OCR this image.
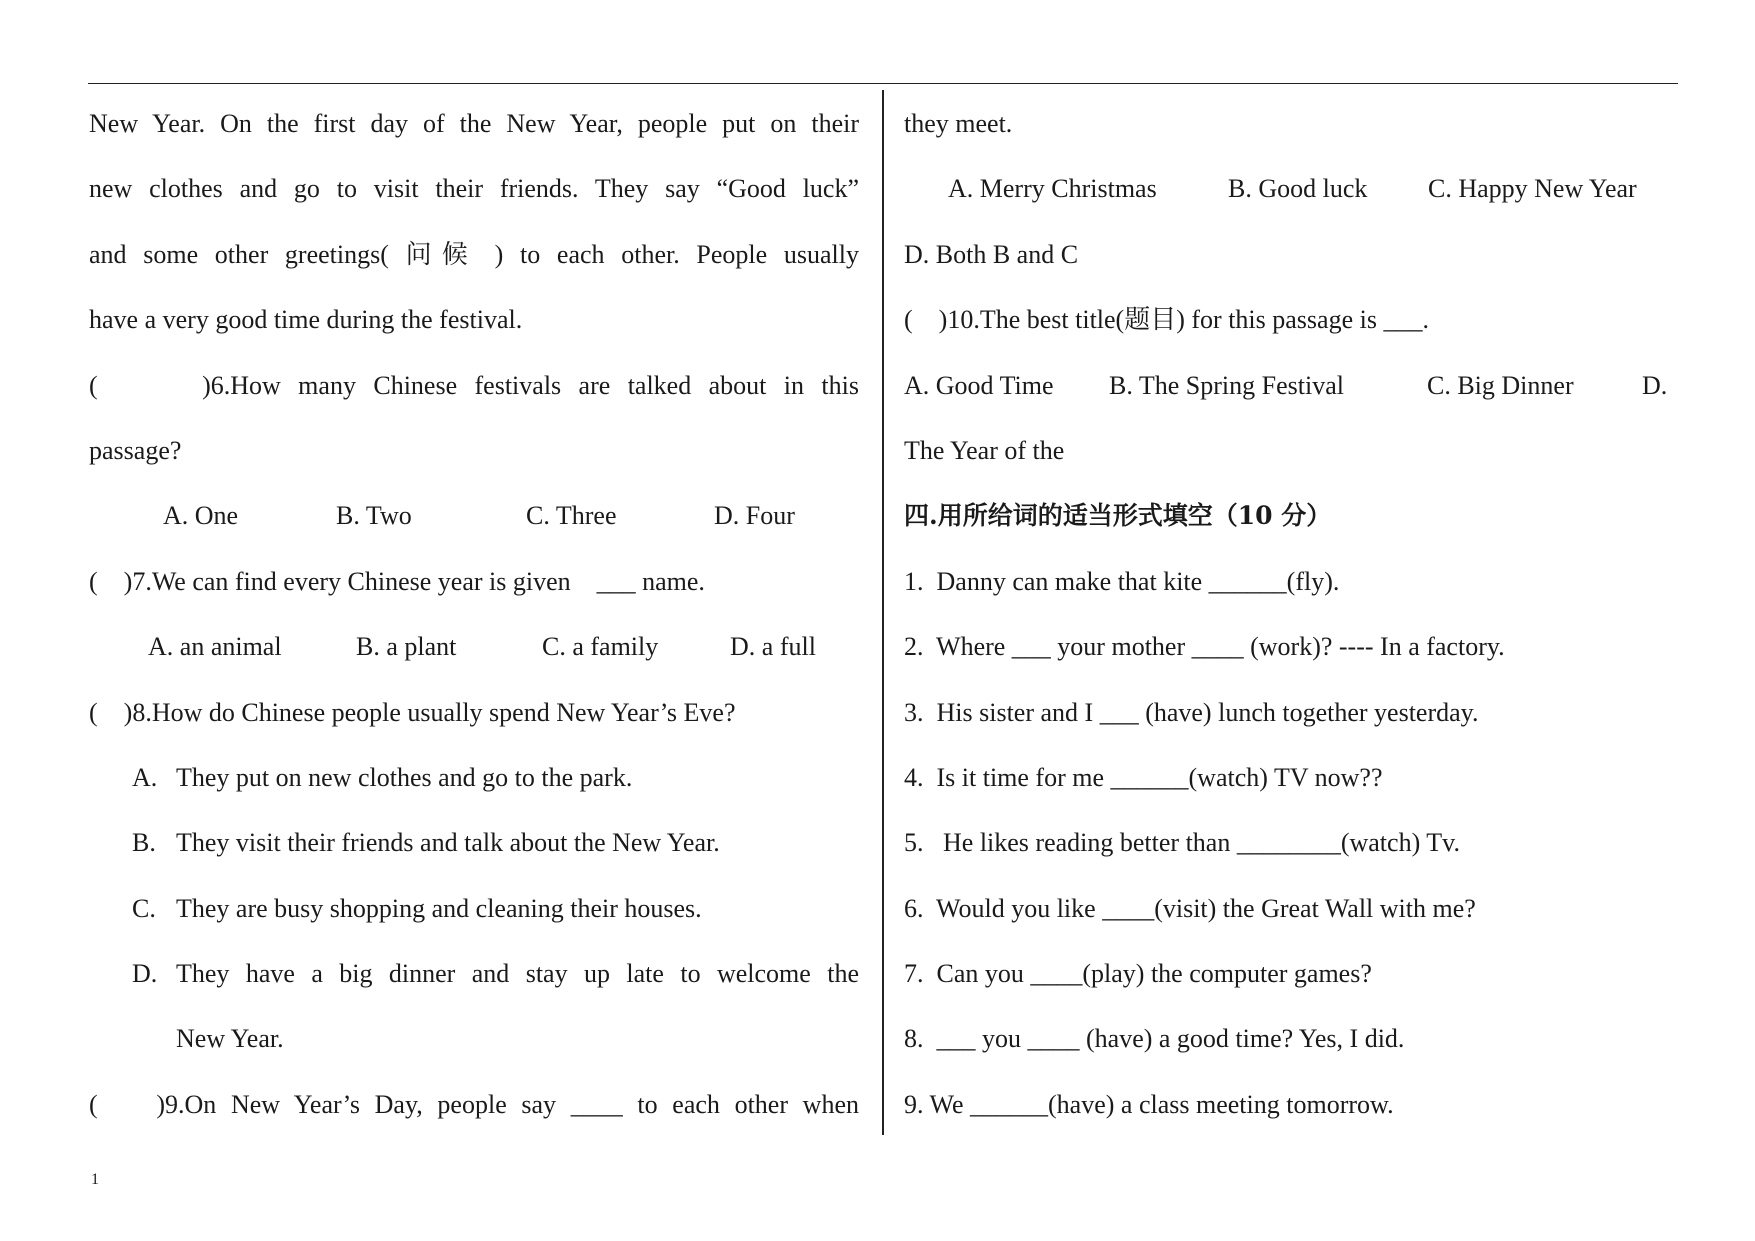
New Year. On the first day of the New Year, people put on their
new clothes and go to visit their friends. They say “Good luck”
and some other greetings( 问候 ) to each other. People usually
have a very good time during the festival.
(      )6.How many Chinese festivals are talked about in this
passage?
A. One	B. Two	C. Three	D. Four
(    )7.We can find every Chinese year is given    ___ name.
A. an animal	B. a plant	C. a family	D. a full
(    )8.How do Chinese people usually spend New Year’s Eve?
A. They put on new clothes and go to the park.
B. They visit their friends and talk about the New Year.
C. They are busy shopping and cleaning their houses.
D. They have a big dinner and stay up late to welcome the
New Year.
(    )9.On New Year’s Day, people say ____ to each other when
they meet.
A. Merry Christmas	B. Good luck	C. Happy New Year
D. Both B and C
(    )10.The best title(题目) for this passage is ___.
A. Good Time	B. The Spring Festival	C. Big Dinner	D.
The Year of the
四.用所给词的适当形式填空（10 分）
1.  Danny can make that kite ______(fly).
2.  Where ___ your mother ____ (work)? ---- In a factory.
3.  His sister and I ___ (have) lunch together yesterday.
4.  Is it time for me ______(watch) TV now??
5.   He likes reading better than ________(watch) Tv.
6.  Would you like ____(visit) the Great Wall with me?
7.  Can you ____(play) the computer games?
8.  ___ you ____ (have) a good time? Yes, I did.
9. We ______(have) a class meeting tomorrow.
1
